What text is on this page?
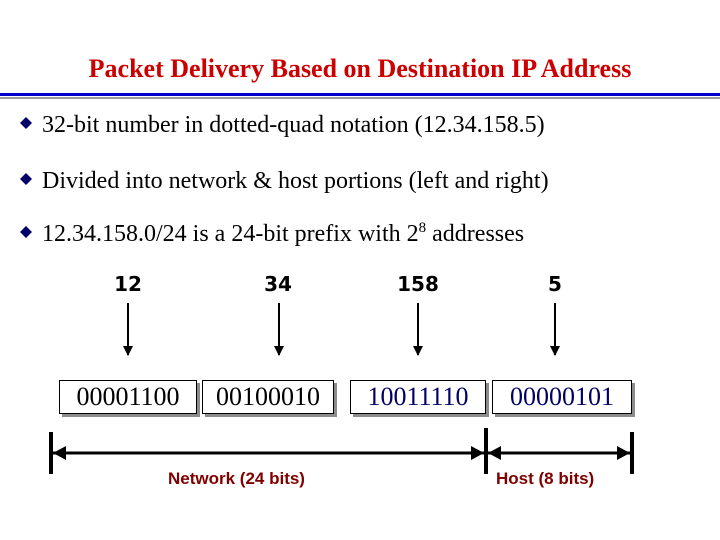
Packet Delivery Based on Destination IP Address
32-bit number in dotted-quad notation (12.34.158.5)
Divided into network & host portions (left and right)
12.34.158.0/24 is a 24-bit prefix with $2^8$ addresses
12	34	158	5
00001100	00100010	10011110	00000101
Network (24 bits)	Host (8 bits)
